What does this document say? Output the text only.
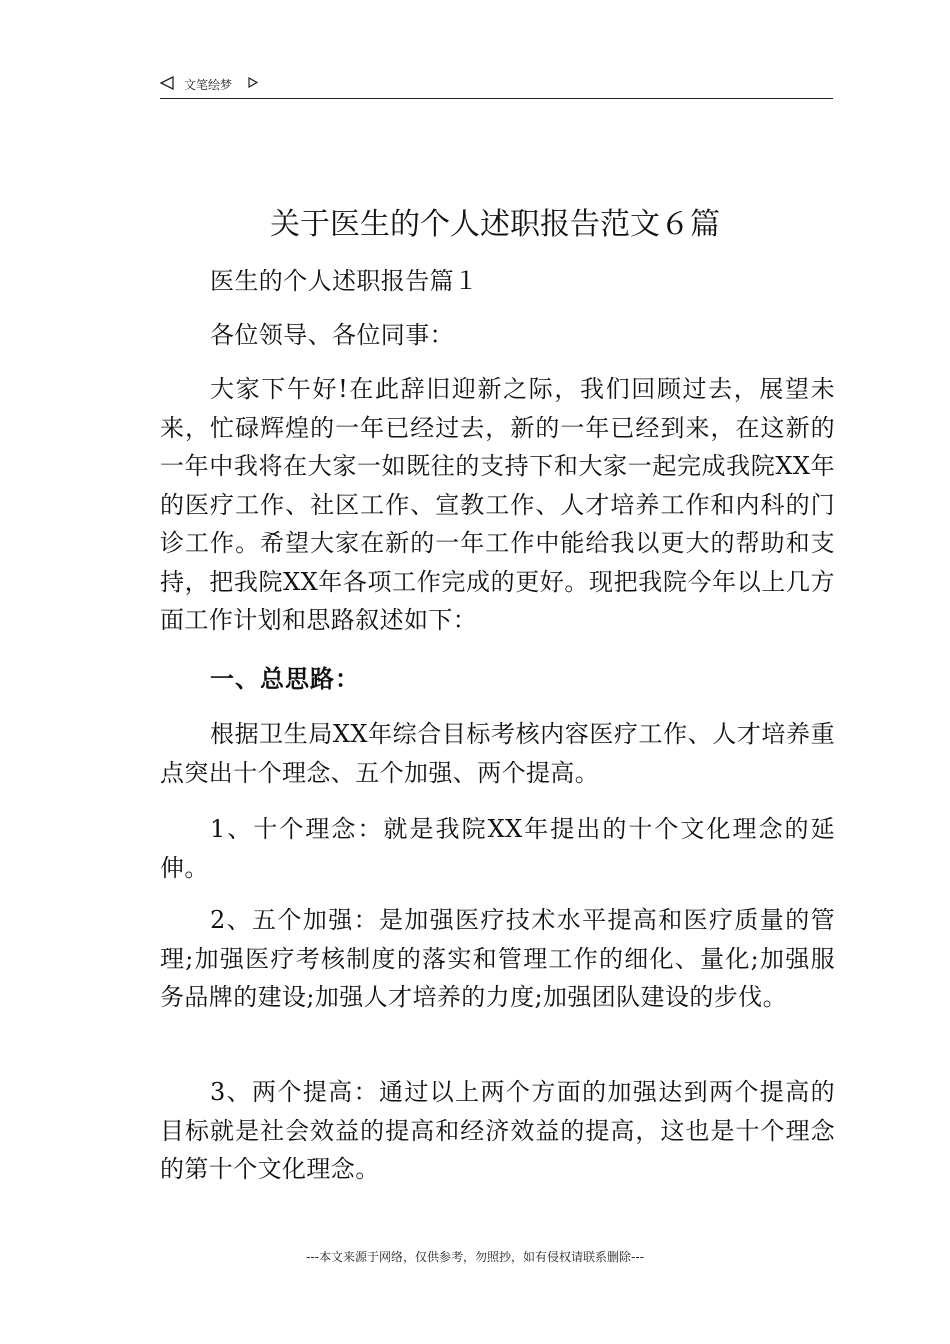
文笔绘梦
关于医生的个人述职报告范文６篇

医生的个人述职报告篇１

各位领导、各位同事：

大家下午好!在此辞旧迎新之际，我们回顾过去，展望未来，忙碌辉煌的一年已经过去，新的一年已经到来，在这新的一年中我将在大家一如既往的支持下和大家一起完成我院XX年的医疗工作、社区工作、宣教工作、人才培养工作和内科的门诊工作。希望大家在新的一年工作中能给我以更大的帮助和支持，把我院XX年各项工作完成的更好。现把我院今年以上几方面工作计划和思路叙述如下：

一、总思路：

根据卫生局XX年综合目标考核内容医疗工作、人才培养重点突出十个理念、五个加强、两个提高。

1、十个理念：就是我院XX年提出的十个文化理念的延伸。

2、五个加强：是加强医疗技术水平提高和医疗质量的管理;加强医疗考核制度的落实和管理工作的细化、量化;加强服务品牌的建设;加强人才培养的力度;加强团队建设的步伐。

3、两个提高：通过以上两个方面的加强达到两个提高的目标就是社会效益的提高和经济效益的提高，这也是十个理念的第十个文化理念。

---本文来源于网络，仅供参考，勿照抄，如有侵权请联系删除---
